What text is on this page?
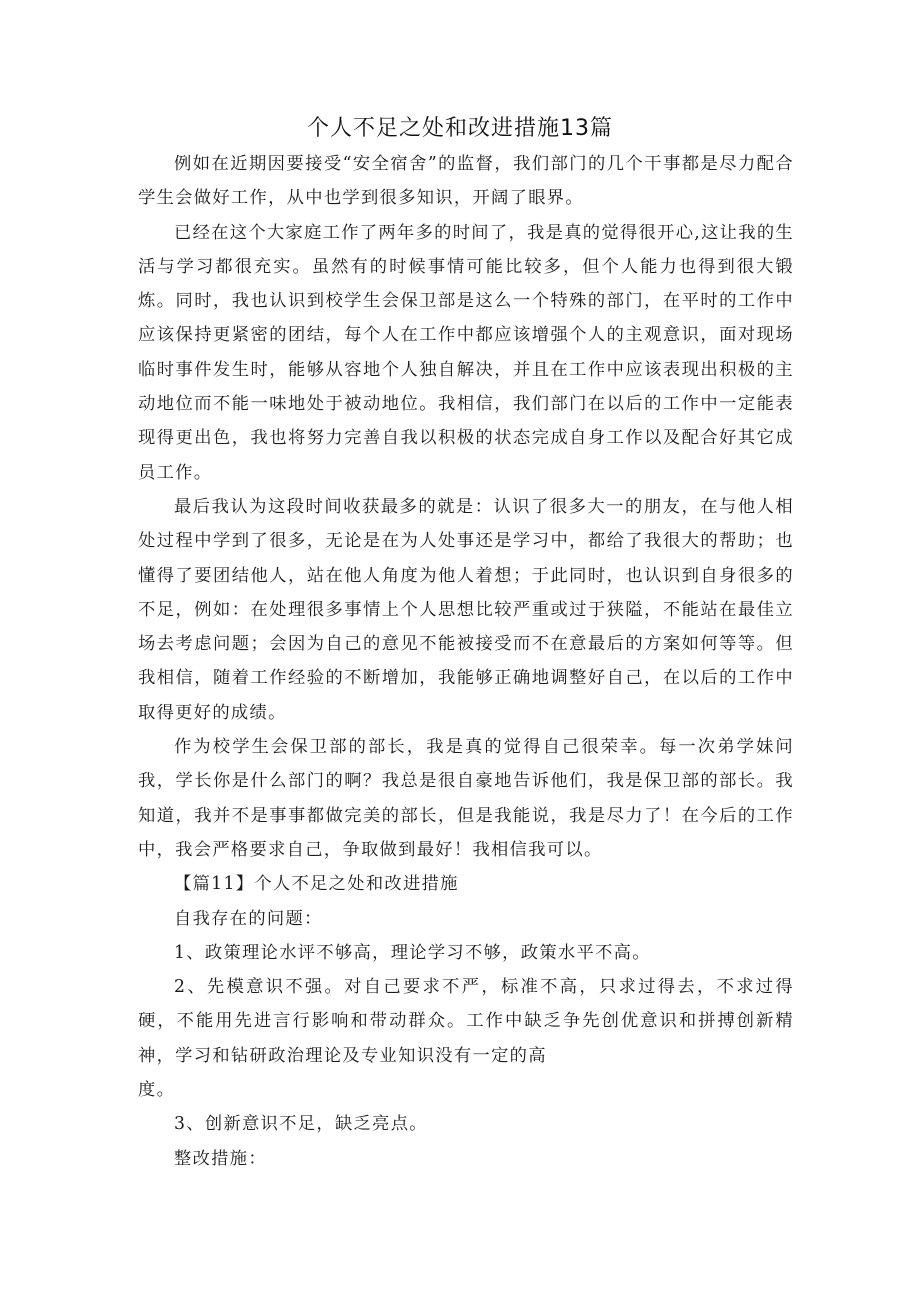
个人不足之处和改进措施13篇

例如在近期因要接受“安全宿舍”的监督，我们部门的几个干事都是尽力配合学生会做好工作，从中也学到很多知识，开阔了眼界。

已经在这个大家庭工作了两年多的时间了，我是真的觉得很开心,这让我的生活与学习都很充实。虽然有的时候事情可能比较多，但个人能力也得到很大锻炼。同时，我也认识到校学生会保卫部是这么一个特殊的部门，在平时的工作中应该保持更紧密的团结，每个人在工作中都应该增强个人的主观意识，面对现场临时事件发生时，能够从容地个人独自解决，并且在工作中应该表现出积极的主动地位而不能一味地处于被动地位。我相信，我们部门在以后的工作中一定能表现得更出色，我也将努力完善自我以积极的状态完成自身工作以及配合好其它成员工作。

最后我认为这段时间收获最多的就是：认识了很多大一的朋友，在与他人相处过程中学到了很多，无论是在为人处事还是学习中，都给了我很大的帮助；也懂得了要团结他人，站在他人角度为他人着想；于此同时，也认识到自身很多的不足，例如：在处理很多事情上个人思想比较严重或过于狭隘，不能站在最佳立场去考虑问题；会因为自己的意见不能被接受而不在意最后的方案如何等等。但我相信，随着工作经验的不断增加，我能够正确地调整好自己，在以后的工作中取得更好的成绩。

作为校学生会保卫部的部长，我是真的觉得自己很荣幸。每一次弟学妹问我，学长你是什么部门的啊？我总是很自豪地告诉他们，我是保卫部的部长。我知道，我并不是事事都做完美的部长，但是我能说，我是尽力了！在今后的工作中，我会严格要求自己，争取做到最好！我相信我可以。

【篇11】个人不足之处和改进措施

自我存在的问题：

1、政策理论水评不够高，理论学习不够，政策水平不高。

2、先模意识不强。对自己要求不严，标准不高，只求过得去，不求过得硬，不能用先进言行影响和带动群众。工作中缺乏争先创优意识和拼搏创新精神，学习和钻研政治理论及专业知识没有一定的高

度。

3、创新意识不足，缺乏亮点。

整改措施：
